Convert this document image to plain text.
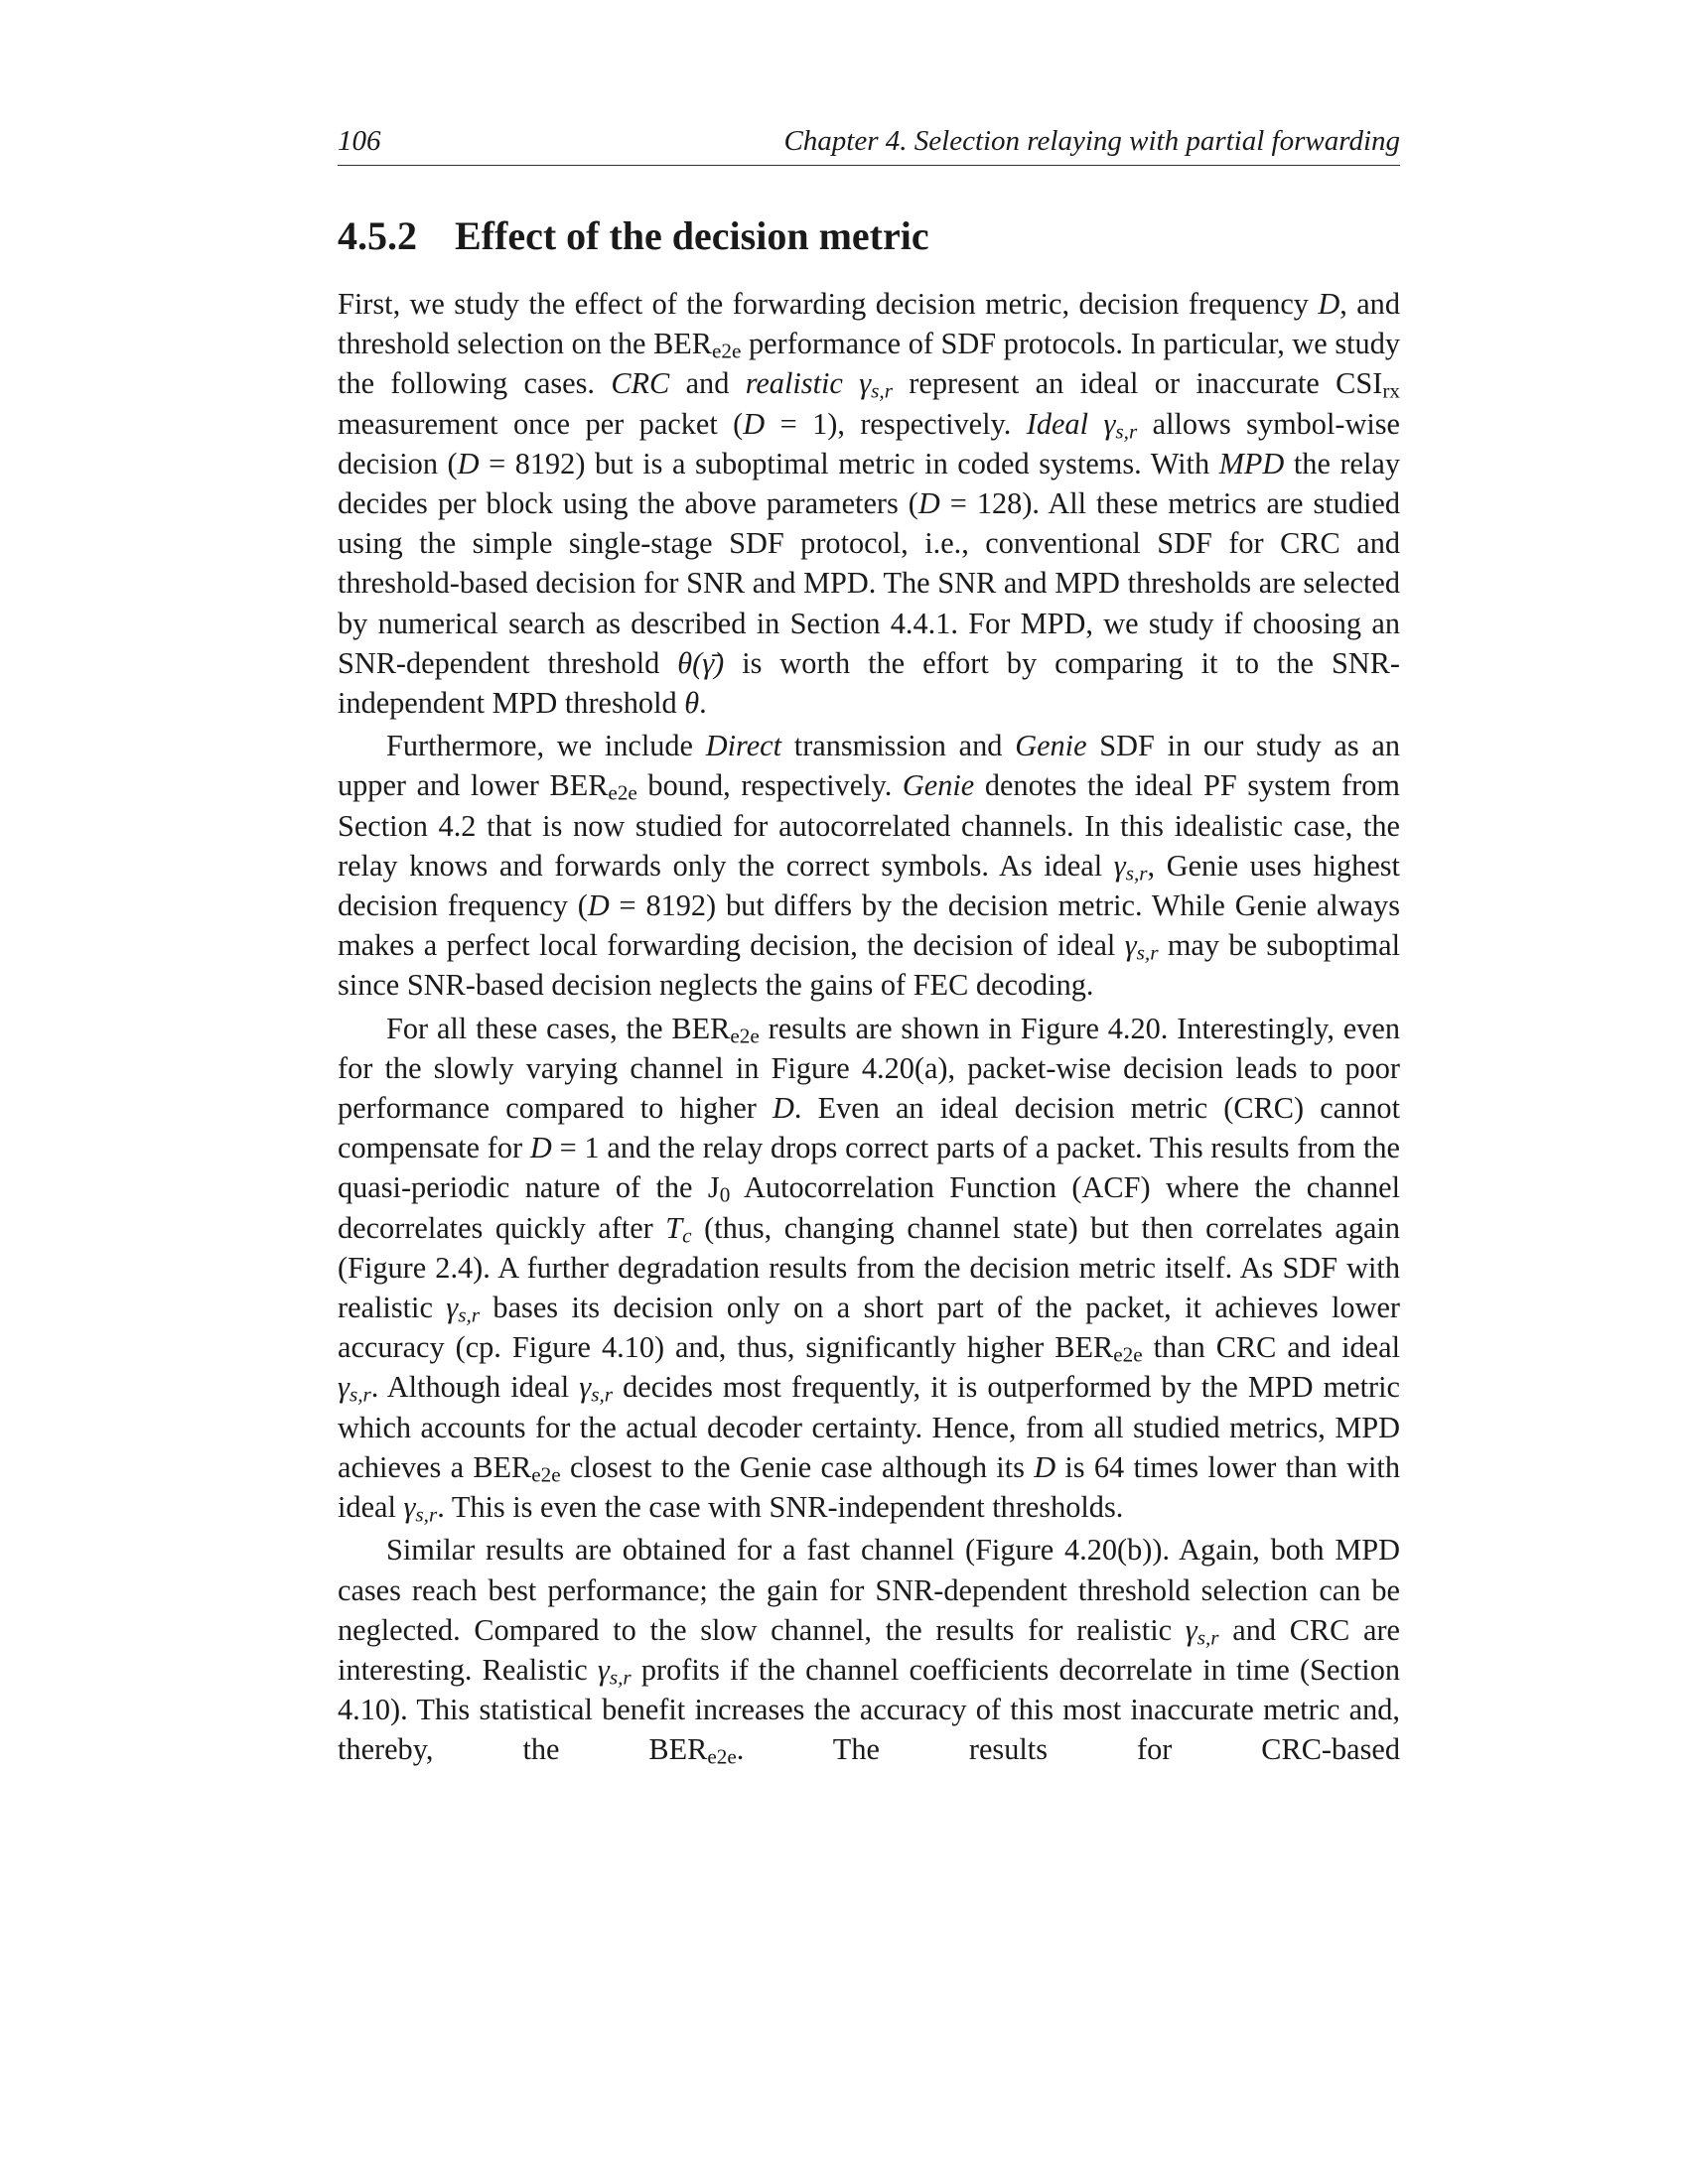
106	Chapter 4. Selection relaying with partial forwarding
4.5.2 Effect of the decision metric

First, we study the effect of the forwarding decision metric, decision frequency D, and threshold selection on the $BER_{e2e}$ performance of SDF protocols. In particular, we study the following cases. CRC and realistic $\gamma_{s,r}$ represent an ideal or inaccurate $CSI_{rx}$ measurement once per packet (D = 1), respectively. Ideal $\gamma_{s,r}$ allows symbol-wise decision (D = 8192) but is a suboptimal metric in coded systems. With MPD the relay decides per block using the above parameters (D = 128). All these metrics are studied using the simple single-stage SDF protocol, i.e., conventional SDF for CRC and threshold-based decision for SNR and MPD. The SNR and MPD thresholds are selected by numerical search as described in Section 4.4.1. For MPD, we study if choosing an SNR-dependent threshold θ(γ̄) is worth the effort by comparing it to the SNR-independent MPD threshold θ.

Furthermore, we include Direct transmission and Genie SDF in our study as an upper and lower $BER_{e2e}$ bound, respectively. Genie denotes the ideal PF system from Section 4.2 that is now studied for autocorrelated channels. In this idealistic case, the relay knows and forwards only the correct symbols. As ideal $\gamma_{s,r}$, Genie uses highest decision frequency (D = 8192) but differs by the decision metric. While Genie always makes a perfect local forwarding decision, the decision of ideal $\gamma_{s,r}$ may be suboptimal since SNR-based decision neglects the gains of FEC decoding.

For all these cases, the $BER_{e2e}$ results are shown in Figure 4.20. Interestingly, even for the slowly varying channel in Figure 4.20(a), packet-wise decision leads to poor performance compared to higher D. Even an ideal decision metric (CRC) cannot compensate for D = 1 and the relay drops correct parts of a packet. This results from the quasi-periodic nature of the $J_0$ Autocorrelation Function (ACF) where the channel decorrelates quickly after $T_c$ (thus, changing channel state) but then correlates again (Figure 2.4). A further degradation results from the decision metric itself. As SDF with realistic $\gamma_{s,r}$ bases its decision only on a short part of the packet, it achieves lower accuracy (cp. Figure 4.10) and, thus, significantly higher $BER_{e2e}$ than CRC and ideal $\gamma_{s,r}$. Although ideal $\gamma_{s,r}$ decides most frequently, it is outperformed by the MPD metric which accounts for the actual decoder certainty. Hence, from all studied metrics, MPD achieves a $BER_{e2e}$ closest to the Genie case although its D is 64 times lower than with ideal $\gamma_{s,r}$. This is even the case with SNR-independent thresholds.

Similar results are obtained for a fast channel (Figure 4.20(b)). Again, both MPD cases reach best performance; the gain for SNR-dependent threshold selection can be neglected. Compared to the slow channel, the results for realistic $\gamma_{s,r}$ and CRC are interesting. Realistic $\gamma_{s,r}$ profits if the channel coefficients decorrelate in time (Section 4.10). This statistical benefit increases the accuracy of this most inaccurate metric and, thereby, the $BER_{e2e}$. The results for CRC-based
